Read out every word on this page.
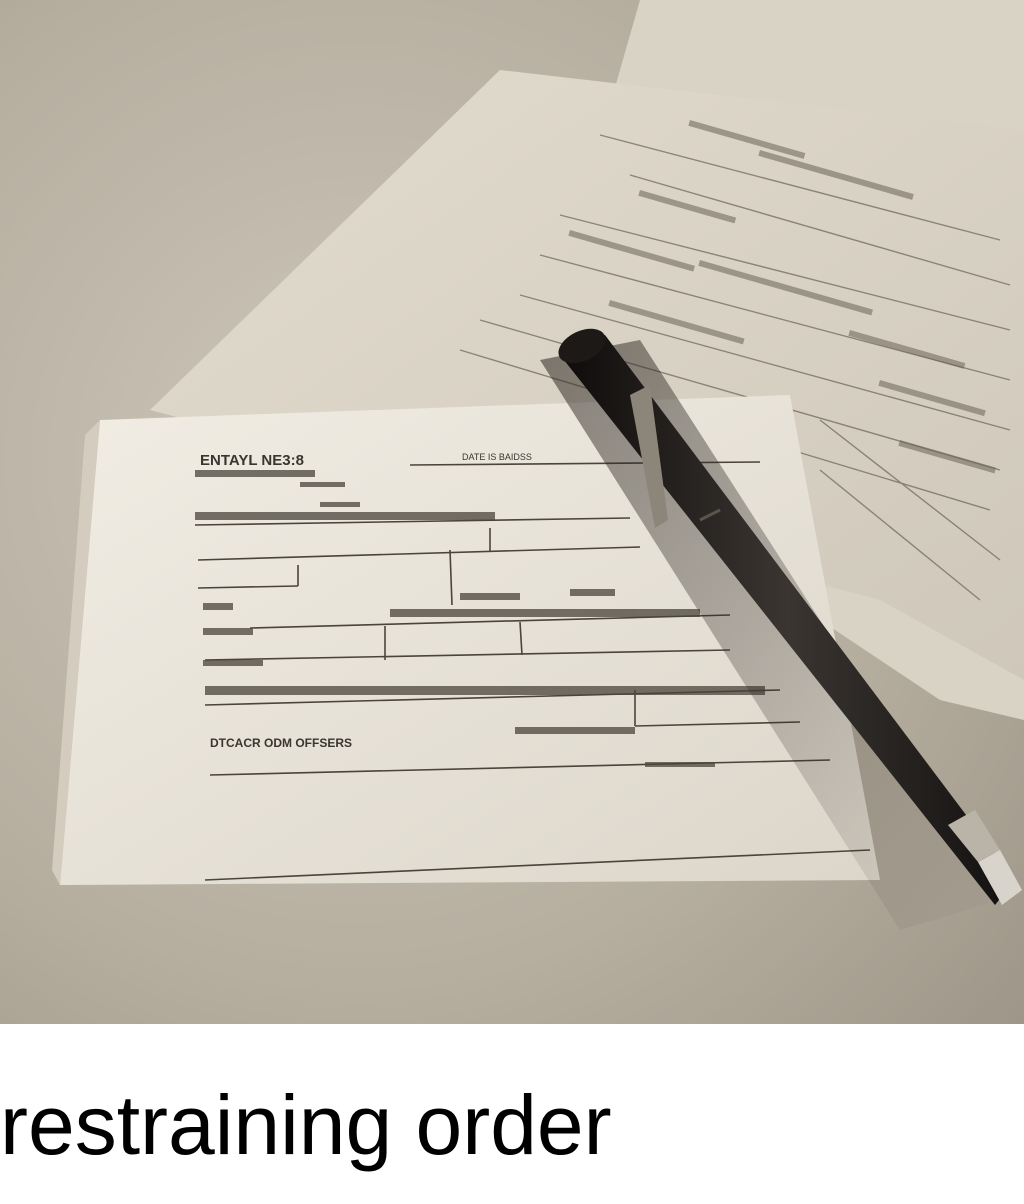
ENTAYL NE3:8	DATE IS BAIDSS
DTCACR ODM OFFSERS
restraining order
